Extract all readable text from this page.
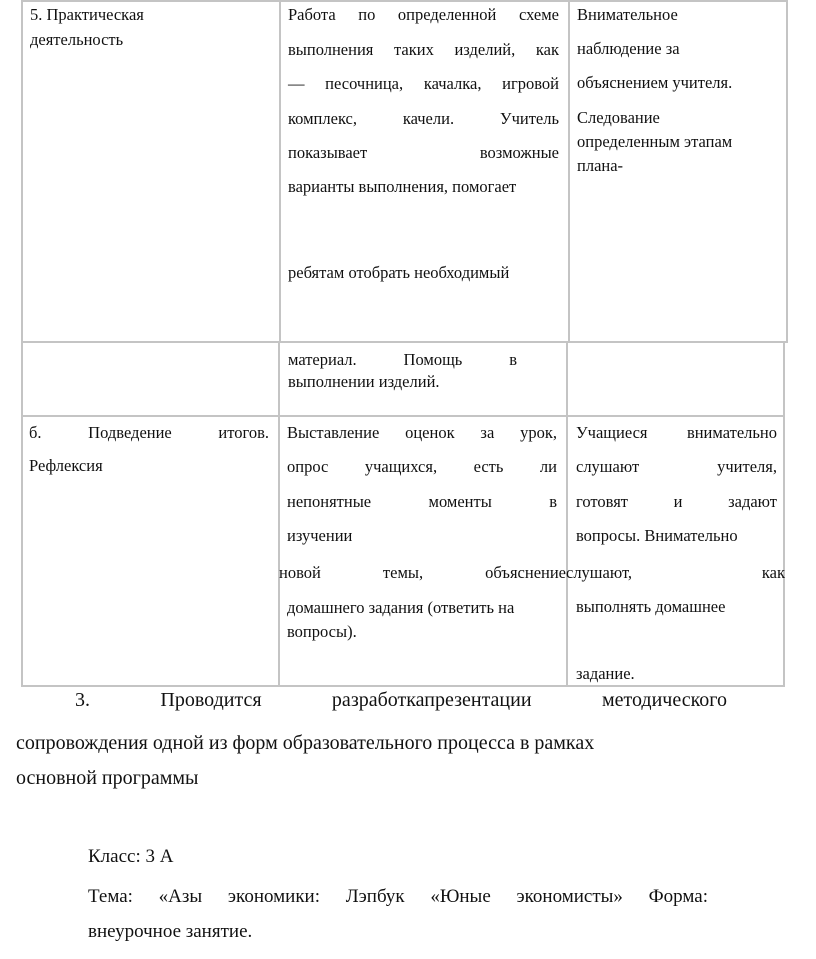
5. Практическая
деятельность
Работа по определенной схеме
выполнения таких изделий, как
— песочница, качалка, игровой
комплекс, качели. Учитель
показывает возможные
варианты выполнения, помогает
ребятам отобрать необходимый
Внимательное
наблюдение за
объяснением учителя.
Следование
определенным этапам
плана-
материал. Помощь в
выполнении изделий.
б. Подведение итогов.
Рефлексия
Выставление оценок за урок,
опрос учащихся, есть ли
непонятные моменты в
изучении
новой темы, объяснение
домашнего задания (ответить на
вопросы).
Учащиеся внимательно
слушают учителя,
готовят и задают
вопросы. Внимательно
слушают, как
выполнять домашнее
задание.
3. Проводится разработкапрезентации методического
сопровождения одной из форм образовательного процесса в рамках
основной программы
Класс: 3 А
Тема: «Азы экономики: Лэпбук «Юные экономисты» Форма:
внеурочное занятие.
